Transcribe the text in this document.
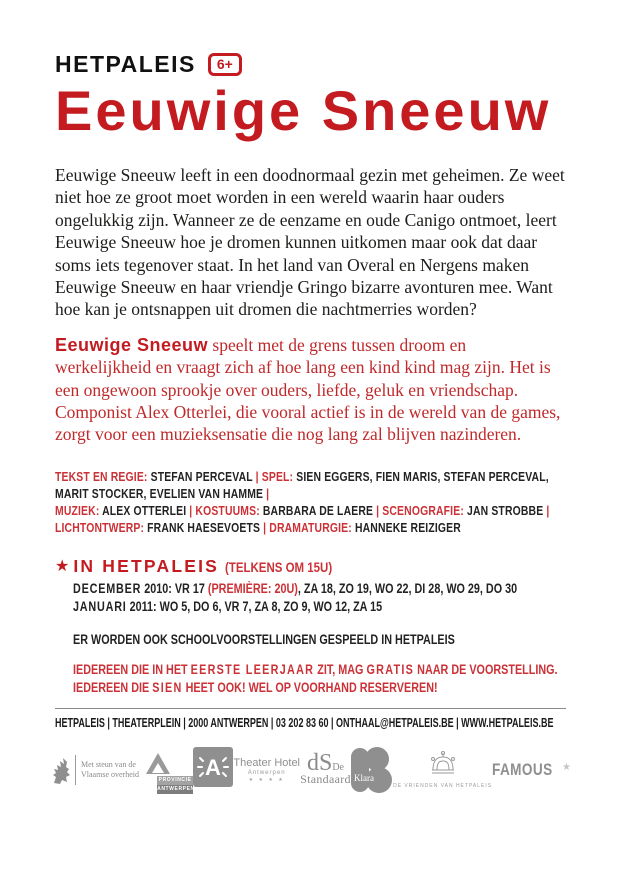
HETPALEIS	6+
Eeuwige Sneeuw
Eeuwige Sneeuw leeft in een doodnormaal gezin met geheimen. Ze weet niet hoe ze groot moet worden in een wereld waarin haar ouders ongelukkig zijn. Wanneer ze de eenzame en oude Canigo ontmoet, leert Eeuwige Sneeuw hoe je dromen kunnen uitkomen maar ook dat daar soms iets tegenover staat. In het land van Overal en Nergens maken Eeuwige Sneeuw en haar vriendje Gringo bizarre avonturen mee. Want hoe kan je ontsnappen uit dromen die nachtmerries worden?
Eeuwige Sneeuw speelt met de grens tussen droom en werkelijkheid en vraagt zich af hoe lang een kind kind mag zijn. Het is een ongewoon sprookje over ouders, liefde, geluk en vriendschap. Componist Alex Otterlei, die vooral actief is in de wereld van de games, zorgt voor een muzieksensatie die nog lang zal blijven nazinderen.
TEKST EN REGIE: STEFAN PERCEVAL | SPEL: SIEN EGGERS, FIEN MARIS, STEFAN PERCEVAL,
MARIT STOCKER, EVELIEN VAN HAMME |
MUZIEK: ALEX OTTERLEI | KOSTUUMS: BARBARA DE LAERE | SCENOGRAFIE: JAN STROBBE |
LICHTONTWERP: FRANK HAESEVOETS | DRAMATURGIE: HANNEKE REIZIGER
★ IN HETPALEIS (TELKENS OM 15U)
DECEMBER 2010: VR 17 (PREMIÈRE: 20U), ZA 18, ZO 19, WO 22, DI 28, WO 29, DO 30
JANUARI 2011: WO 5, DO 6, VR 7, ZA 8, ZO 9, WO 12, ZA 15
ER WORDEN OOK SCHOOLVOORSTELLINGEN GESPEELD IN HETPALEIS
IEDEREEN DIE IN HET EERSTE LEERJAAR ZIT, MAG GRATIS NAAR DE VOORSTELLING. IEDEREEN DIE SIEN HEET OOK! WEL OP VOORHAND RESERVEREN!
HETPALEIS | THEATERPLEIN | 2000 ANTWERPEN | 03 202 83 60 | ONTHAAL@HETPALEIS.BE | WWW.HETPALEIS.BE
Met steun van de
Vlaamse overheid
PROVINCIE
ANTWERPEN
A Theater Hotel
Antwerpen
★ ★ ★ ★
dSDe
Standaard Klara
DE VRIENDEN VAN HETPALEIS
FAMOUS ★
